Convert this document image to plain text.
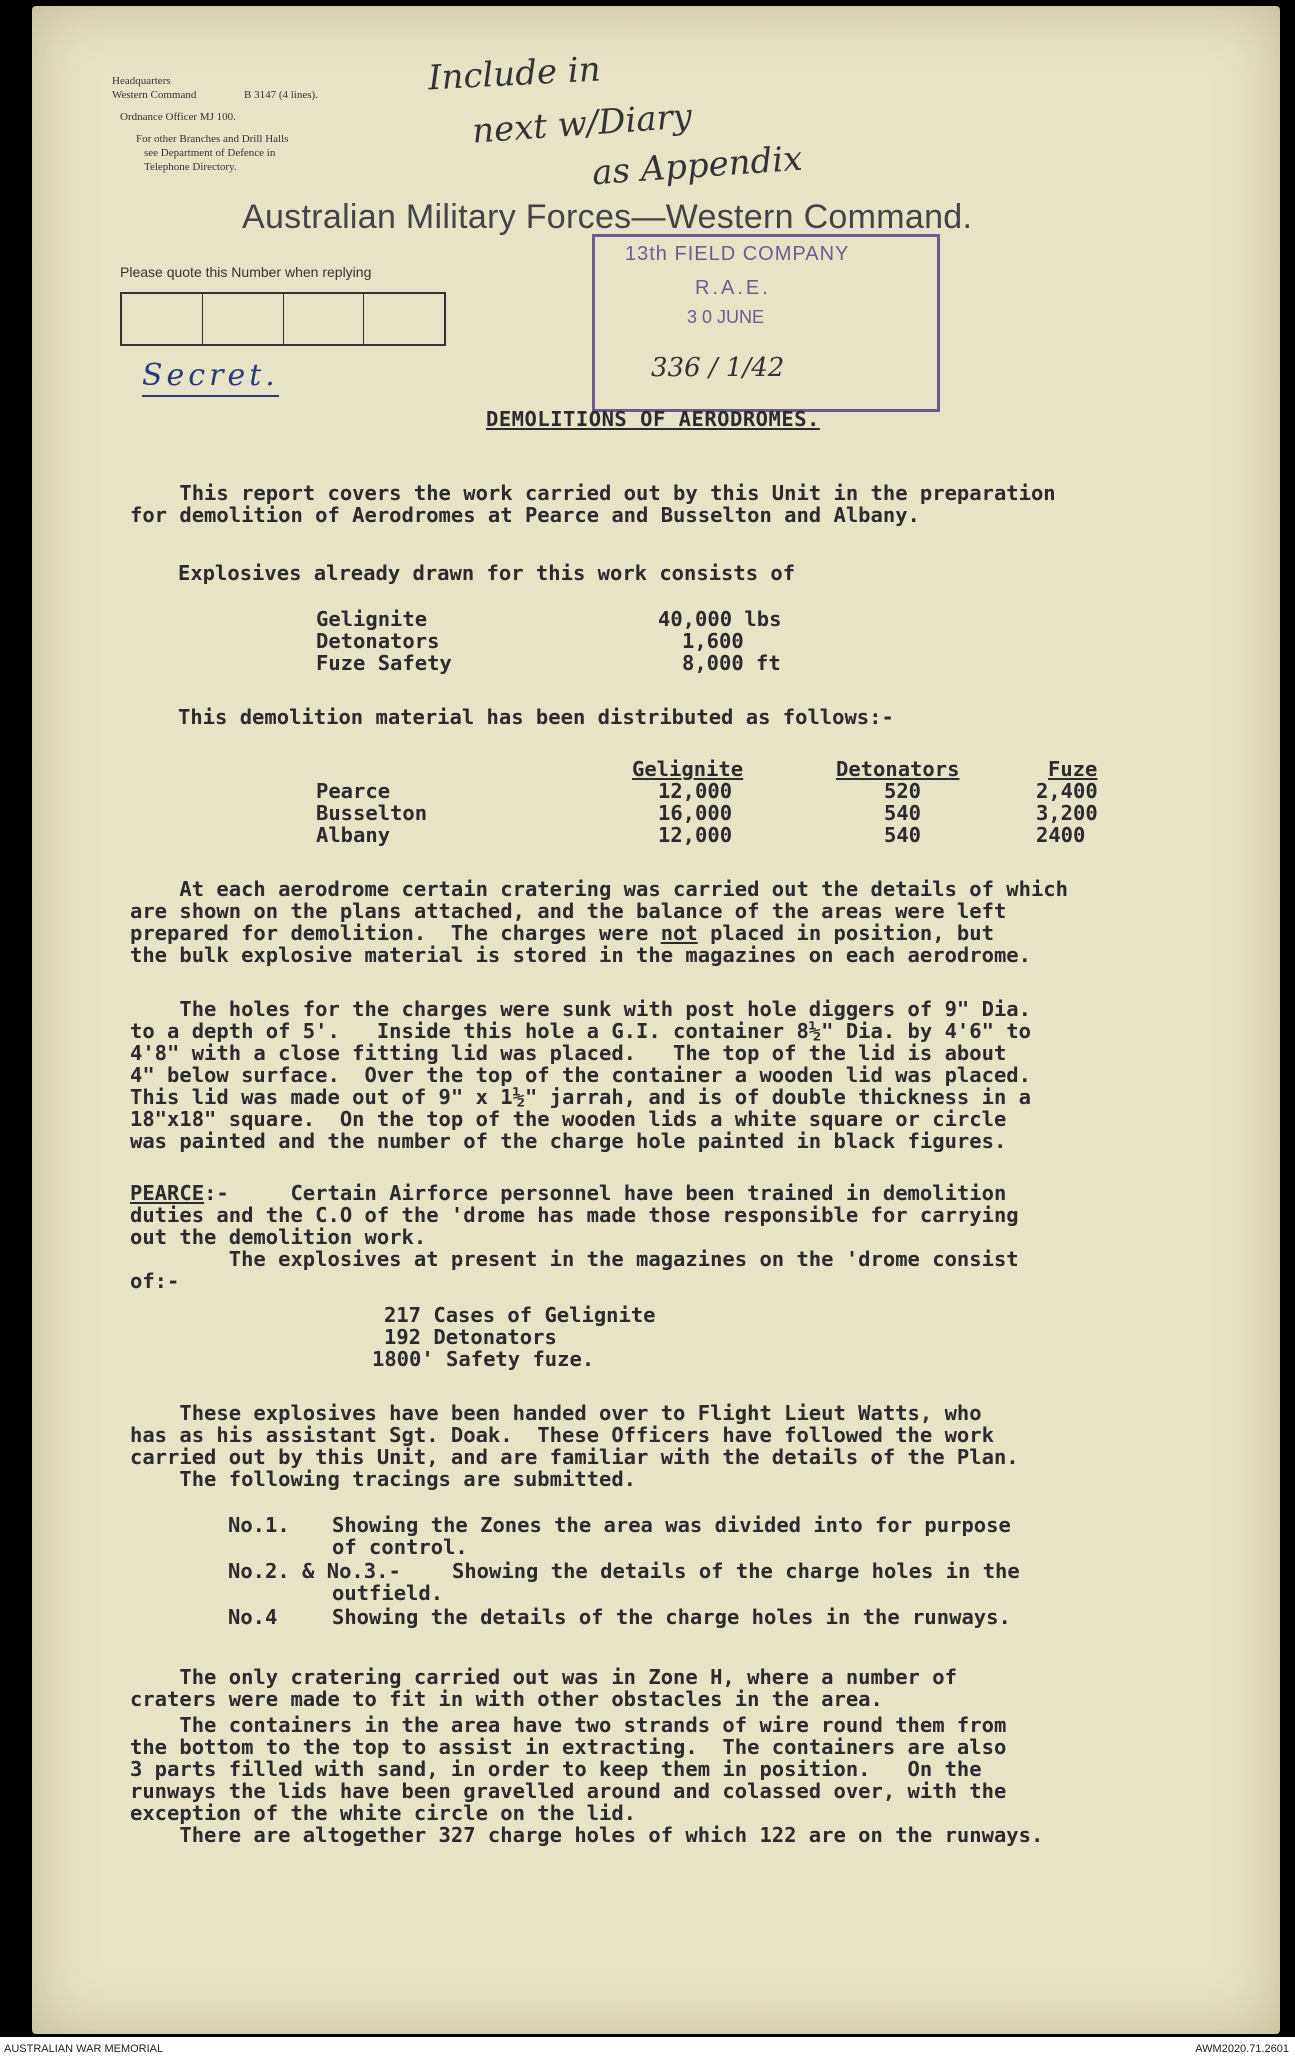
Headquarters
Western Command	B 3147 (4 lines).
Ordnance Officer MJ 100.
For other Branches and Drill Halls
see Department of Defence in
Telephone Directory.
Include in
next w/Diary
as Appendix
Australian Military Forces—Western Command.
Please quote this Number when replying
Secret.
13th FIELD COMPANY
R.A.E.
3 0 JUNE
336 / 1/42
DEMOLITIONS OF AERODROMES.
This report covers the work carried out by this Unit in the preparation
for demolition of Aerodromes at Pearce and Busselton and Albany.
Explosives already drawn for this work consists of
Gelignite	40,000 lbs
Detonators	1,600
Fuze Safety	8,000 ft
This demolition material has been distributed as follows:-
Gelignite	Detonators	Fuze
Pearce	12,000	520	2,400
Busselton	16,000	540	3,200
Albany	12,000	540	2400
At each aerodrome certain cratering was carried out the details of which
are shown on the plans attached, and the balance of the areas were left
prepared for demolition.  The charges were not placed in position, but
the bulk explosive material is stored in the magazines on each aerodrome.
The holes for the charges were sunk with post hole diggers of 9" Dia.
to a depth of 5'.   Inside this hole a G.I. container 8½" Dia. by 4'6" to
4'8" with a close fitting lid was placed.   The top of the lid is about
4" below surface.  Over the top of the container a wooden lid was placed.
This lid was made out of 9" x 1½" jarrah, and is of double thickness in a
18"x18" square.  On the top of the wooden lids a white square or circle
was painted and the number of the charge hole painted in black figures.
PEARCE:-     Certain Airforce personnel have been trained in demolition
duties and the C.O of the 'drome has made those responsible for carrying
out the demolition work.
The explosives at present in the magazines on the 'drome consist
of:-
217 Cases of Gelignite
192 Detonators
1800' Safety fuze.
These explosives have been handed over to Flight Lieut Watts, who
has as his assistant Sgt. Doak.  These Officers have followed the work
carried out by this Unit, and are familiar with the details of the Plan.
The following tracings are submitted.
No.1. Showing the Zones the area was divided into for purpose
of control.
No.2. & No.3.- Showing the details of the charge holes in the
outfield.
No.4	Showing the details of the charge holes in the runways.
The only cratering carried out was in Zone H, where a number of
craters were made to fit in with other obstacles in the area.
The containers in the area have two strands of wire round them from
the bottom to the top to assist in extracting.  The containers are also
3 parts filled with sand, in order to keep them in position.   On the
runways the lids have been gravelled around and colassed over, with the
exception of the white circle on the lid.
There are altogether 327 charge holes of which 122 are on the runways.
AUSTRALIAN WAR MEMORIAL	AWM2020.71.2601
